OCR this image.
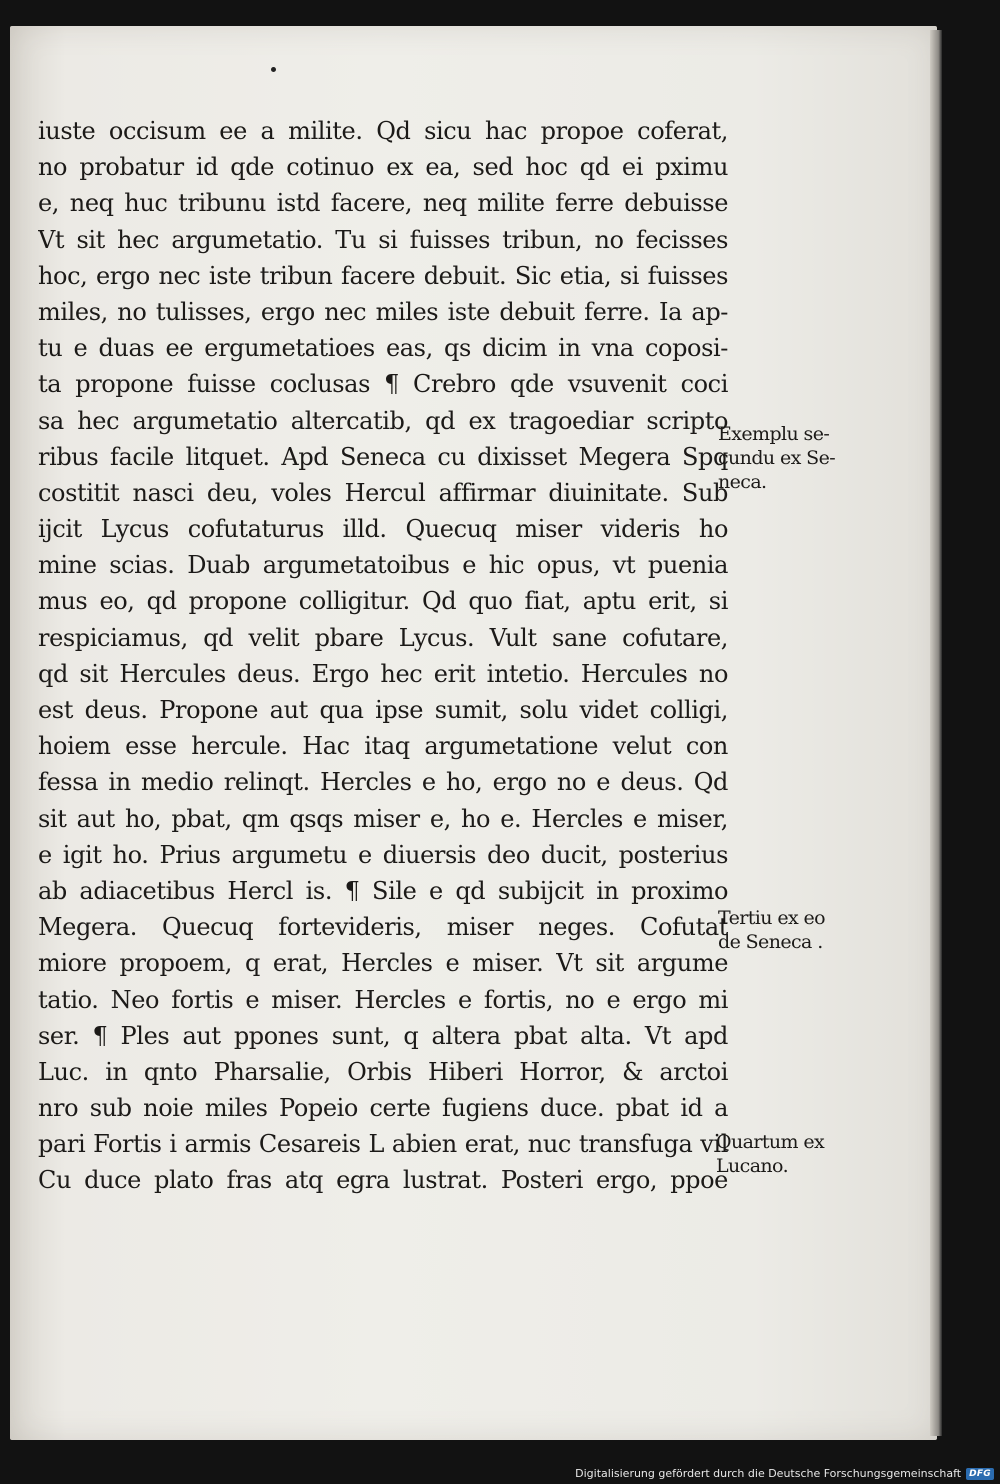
iuste occisum ee a milite. Qd sicu hac propoe coferat,
no probatur id qde cotinuo ex ea, sed hoc qd ei pximu
e, neq huc tribunu istd facere, neq milite ferre debuisse
Vt sit hec argumetatio. Tu si fuisses tribun, no fecisses
hoc, ergo nec iste tribun facere debuit. Sic etia, si fuisses
miles, no tulisses, ergo nec miles iste debuit ferre. Ia ap-
tu e duas ee ergumetatioes eas, qs dicim in vna coposi-
ta propone fuisse coclusas ¶ Crebro qde vsuvenit coci
sa hec argumetatio altercatib, qd ex tragoediar scripto
ribus facile litquet. Apd Seneca cu dixisset Megera Spq
costitit nasci deu, voles Hercul affirmar diuinitate. Sub
ijcit Lycus cofutaturus illd. Quecuq miser videris ho
mine scias. Duab argumetatoibus e hic opus, vt puenia
mus eo, qd propone colligitur. Qd quo fiat, aptu erit, si
respiciamus, qd velit pbare Lycus. Vult sane cofutare,
qd sit Hercules deus. Ergo hec erit intetio. Hercules no
est deus. Propone aut qua ipse sumit, solu videt colligi,
hoiem esse hercule. Hac itaq argumetatione velut con
fessa in medio relinqt. Hercles e ho, ergo no e deus. Qd
sit aut ho, pbat, qm qsqs miser e, ho e. Hercles e miser,
e igit ho. Prius argumetu e diuersis deo ducit, posterius
ab adiacetibus Hercl is. ¶ Sile e qd subijcit in proximo
Megera. Quecuq fortevideris, miser neges. Cofutat
miore propoem, q erat, Hercles e miser. Vt sit argume
tatio. Neo fortis e miser. Hercles e fortis, no e ergo mi
ser. ¶ Ples aut ppones sunt, q altera pbat alta. Vt apd
Luc. in qnto Pharsalie, Orbis Hiberi Horror, & arctoi
nro sub noie miles Popeio certe fugiens duce. pbat id a
pari Fortis i armis Cesareis L abien erat, nuc transfuga vil
Cu duce plato fras atq egra lustrat. Posteri ergo, ppoe
Exemplu se-
cundu ex Se-
neca.
Tertiu ex eo
de Seneca .
Quartum ex
Lucano.
Digitalisierung gefördert durch die Deutsche Forschungsgemeinschaft DFG
